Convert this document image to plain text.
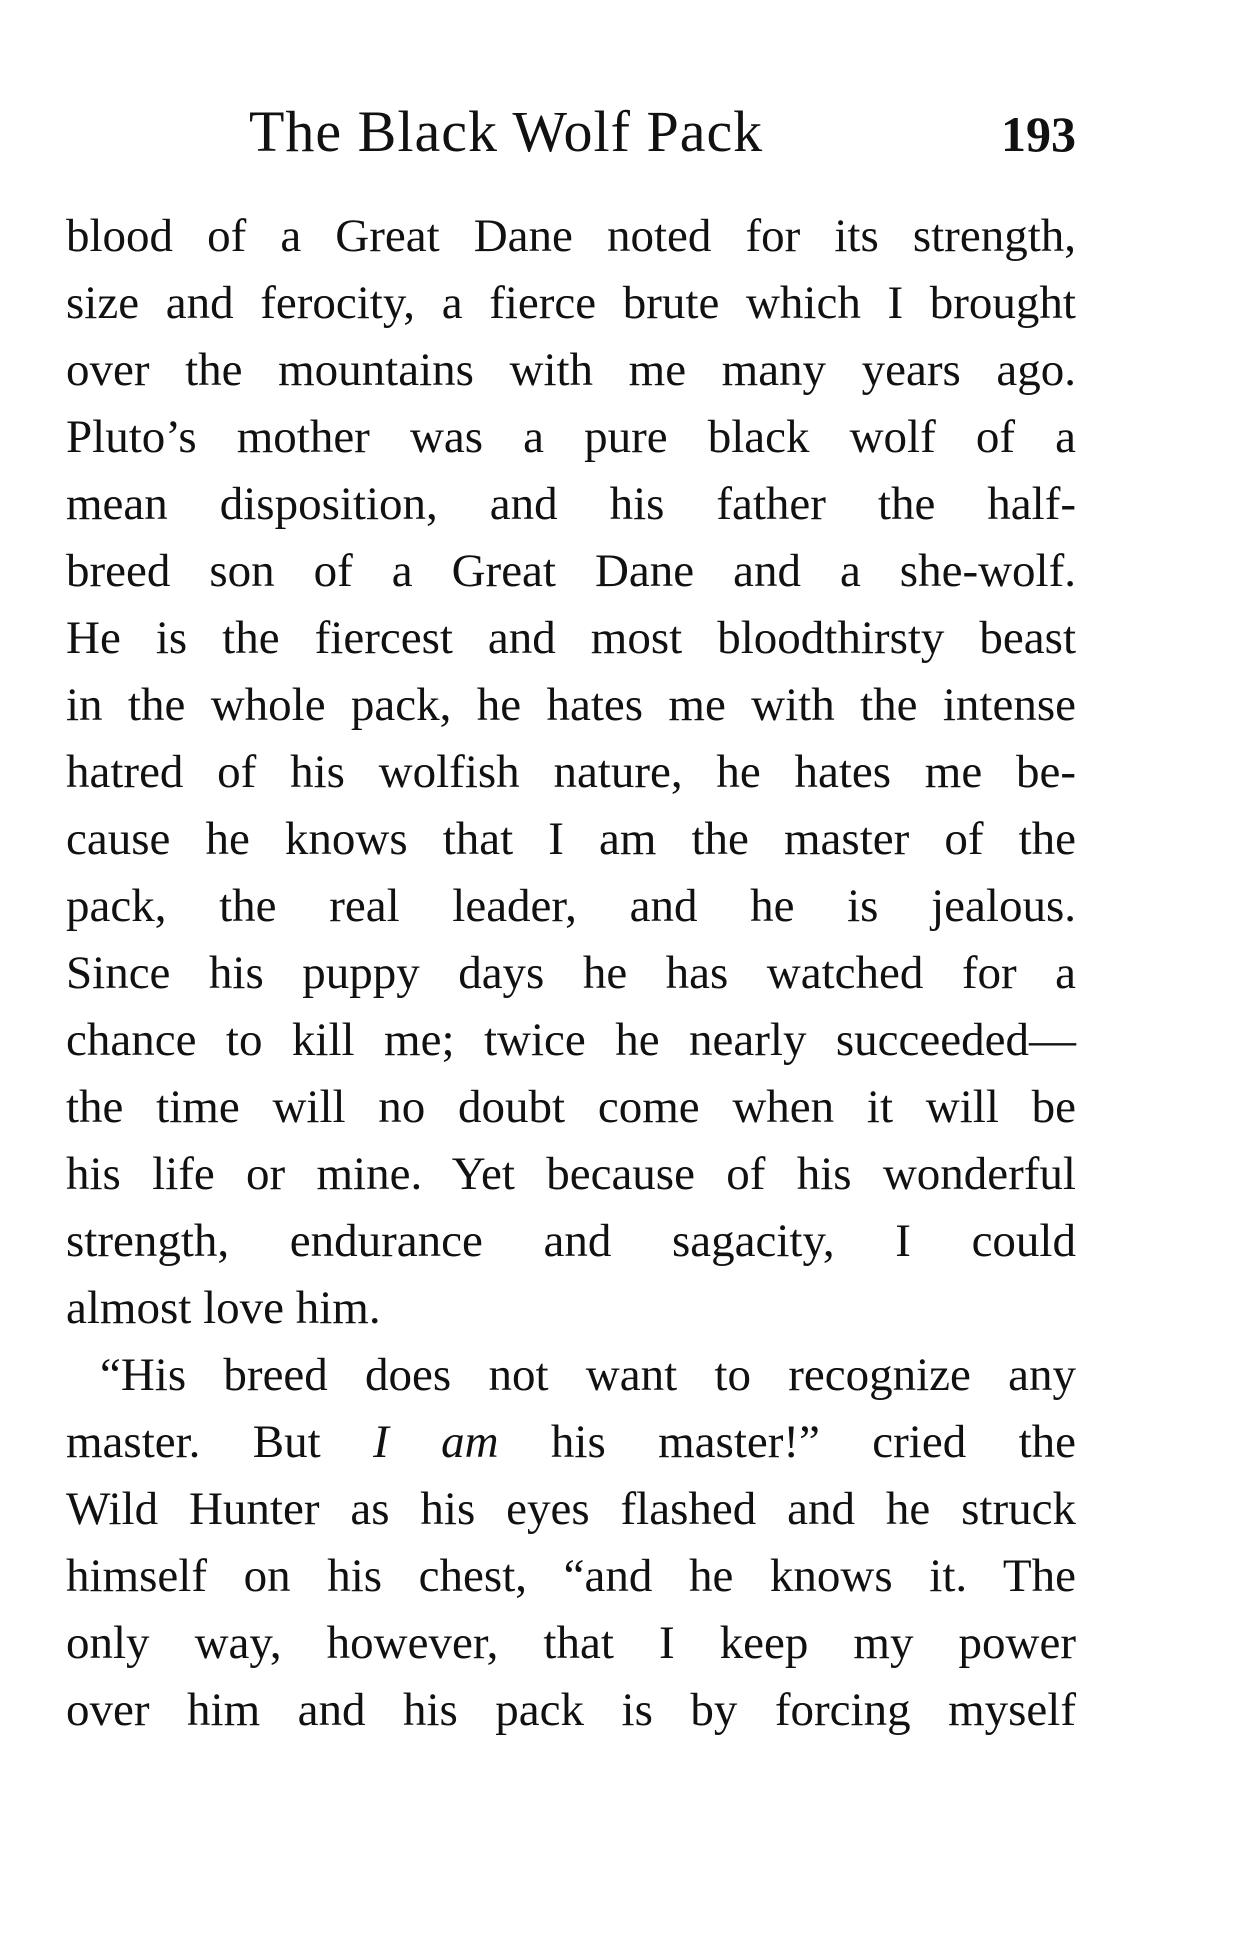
The Black Wolf Pack	193
blood of a Great Dane noted for its strength,
size and ferocity, a fierce brute which I brought
over the mountains with me many years ago.
Pluto’s mother was a pure black wolf of a
mean disposition, and his father the half-
breed son of a Great Dane and a she-wolf.
He is the fiercest and most bloodthirsty beast
in the whole pack, he hates me with the intense
hatred of his wolfish nature, he hates me be-
cause he knows that I am the master of the
pack, the real leader, and he is jealous.
Since his puppy days he has watched for a
chance to kill me; twice he nearly succeeded—
the time will no doubt come when it will be
his life or mine. Yet because of his wonderful
strength, endurance and sagacity, I could
almost love him.
“His breed does not want to recognize any
master. But I am his master!” cried the
Wild Hunter as his eyes flashed and he struck
himself on his chest, “and he knows it. The
only way, however, that I keep my power
over him and his pack is by forcing myself
